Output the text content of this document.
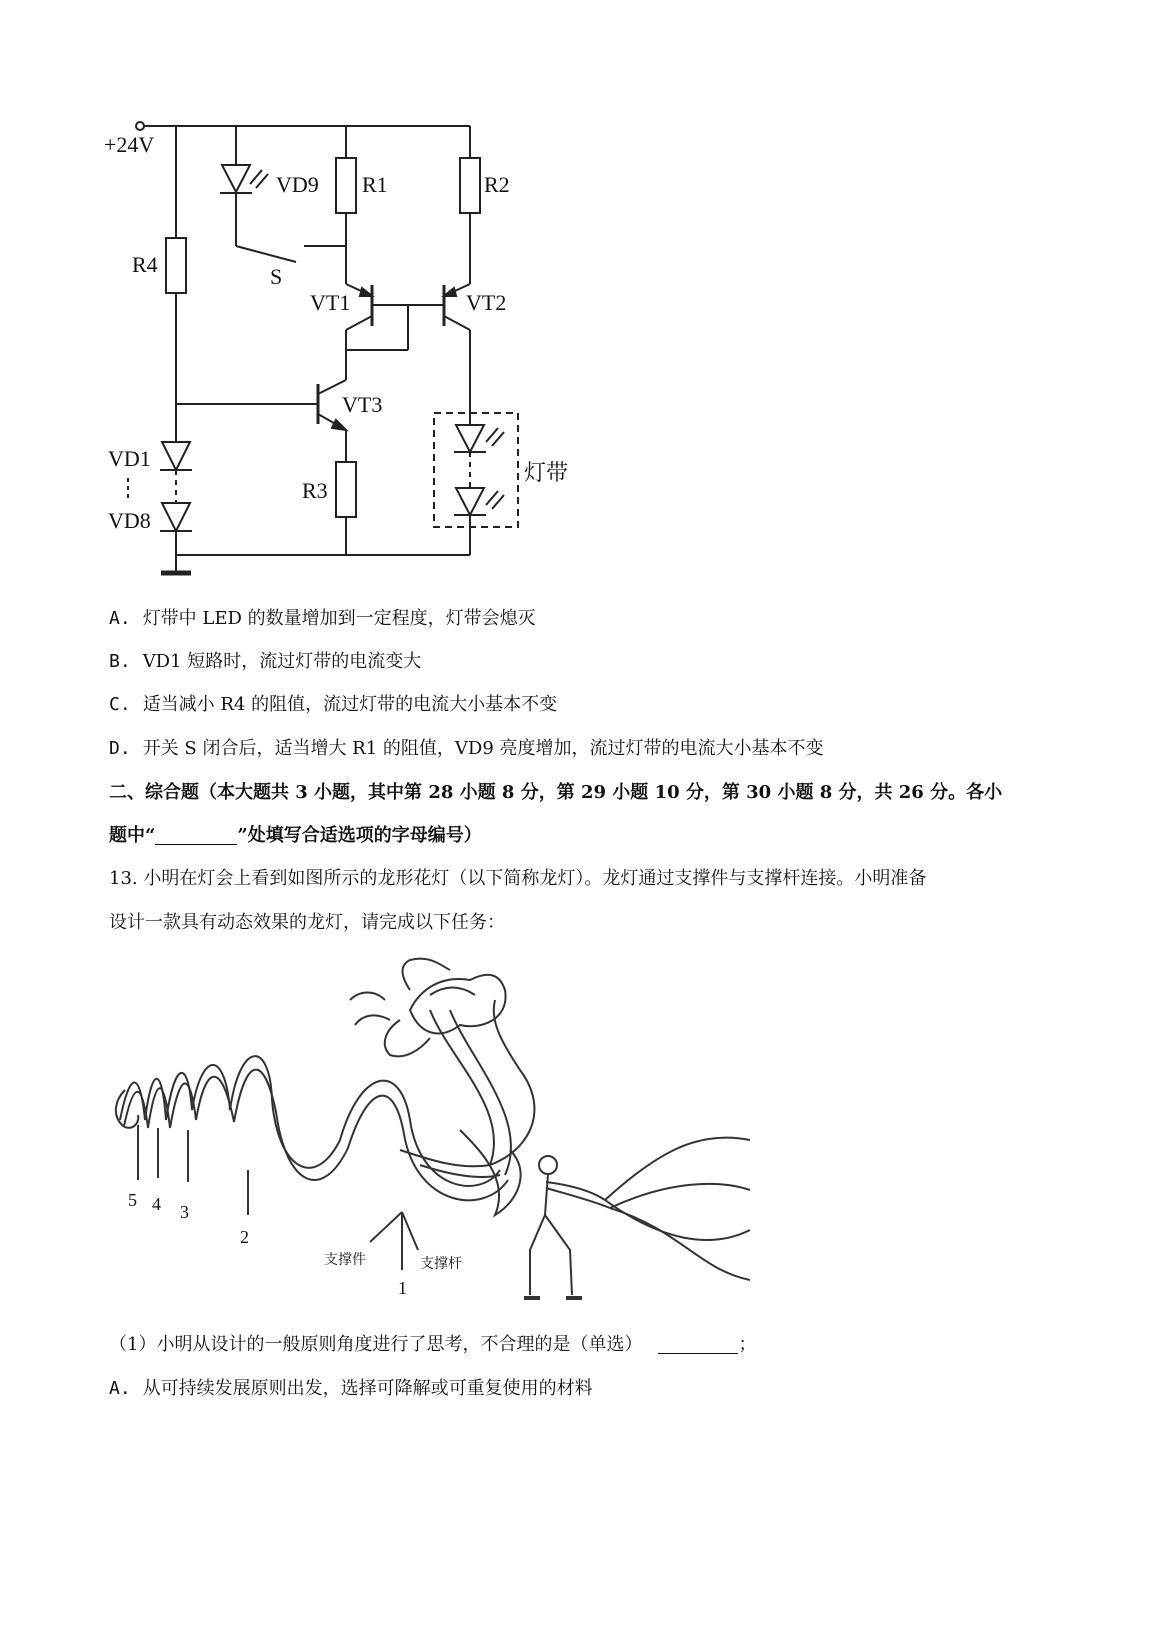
+24V
VD9 R1	R2
R4	S
VT1	VT2
VT3
VD1
VD8
R3
灯带
A. 灯带中 LED 的数量增加到一定程度，灯带会熄灭
B. VD1 短路时，流过灯带的电流变大
C. 适当减小 R4 的阻值，流过灯带的电流大小基本不变
D. 开关 S 闭合后，适当增大 R1 的阻值，VD9 亮度增加，流过灯带的电流大小基本不变
二、综合题（本大题共 3 小题，其中第 28 小题 8 分，第 29 小题 10 分，第 30 小题 8 分，共 26 分。各小
题中“	”处填写合适选项的字母编号）
13. 小明在灯会上看到如图所示的龙形花灯（以下简称龙灯）。龙灯通过支撑件与支撑杆连接。小明准备
设计一款具有动态效果的龙灯，请完成以下任务：
5 4 3
2
1
支撑件	支撑杆
（1）小明从设计的一般原则角度进行了思考，不合理的是（单选）	；
A. 从可持续发展原则出发，选择可降解或可重复使用的材料
